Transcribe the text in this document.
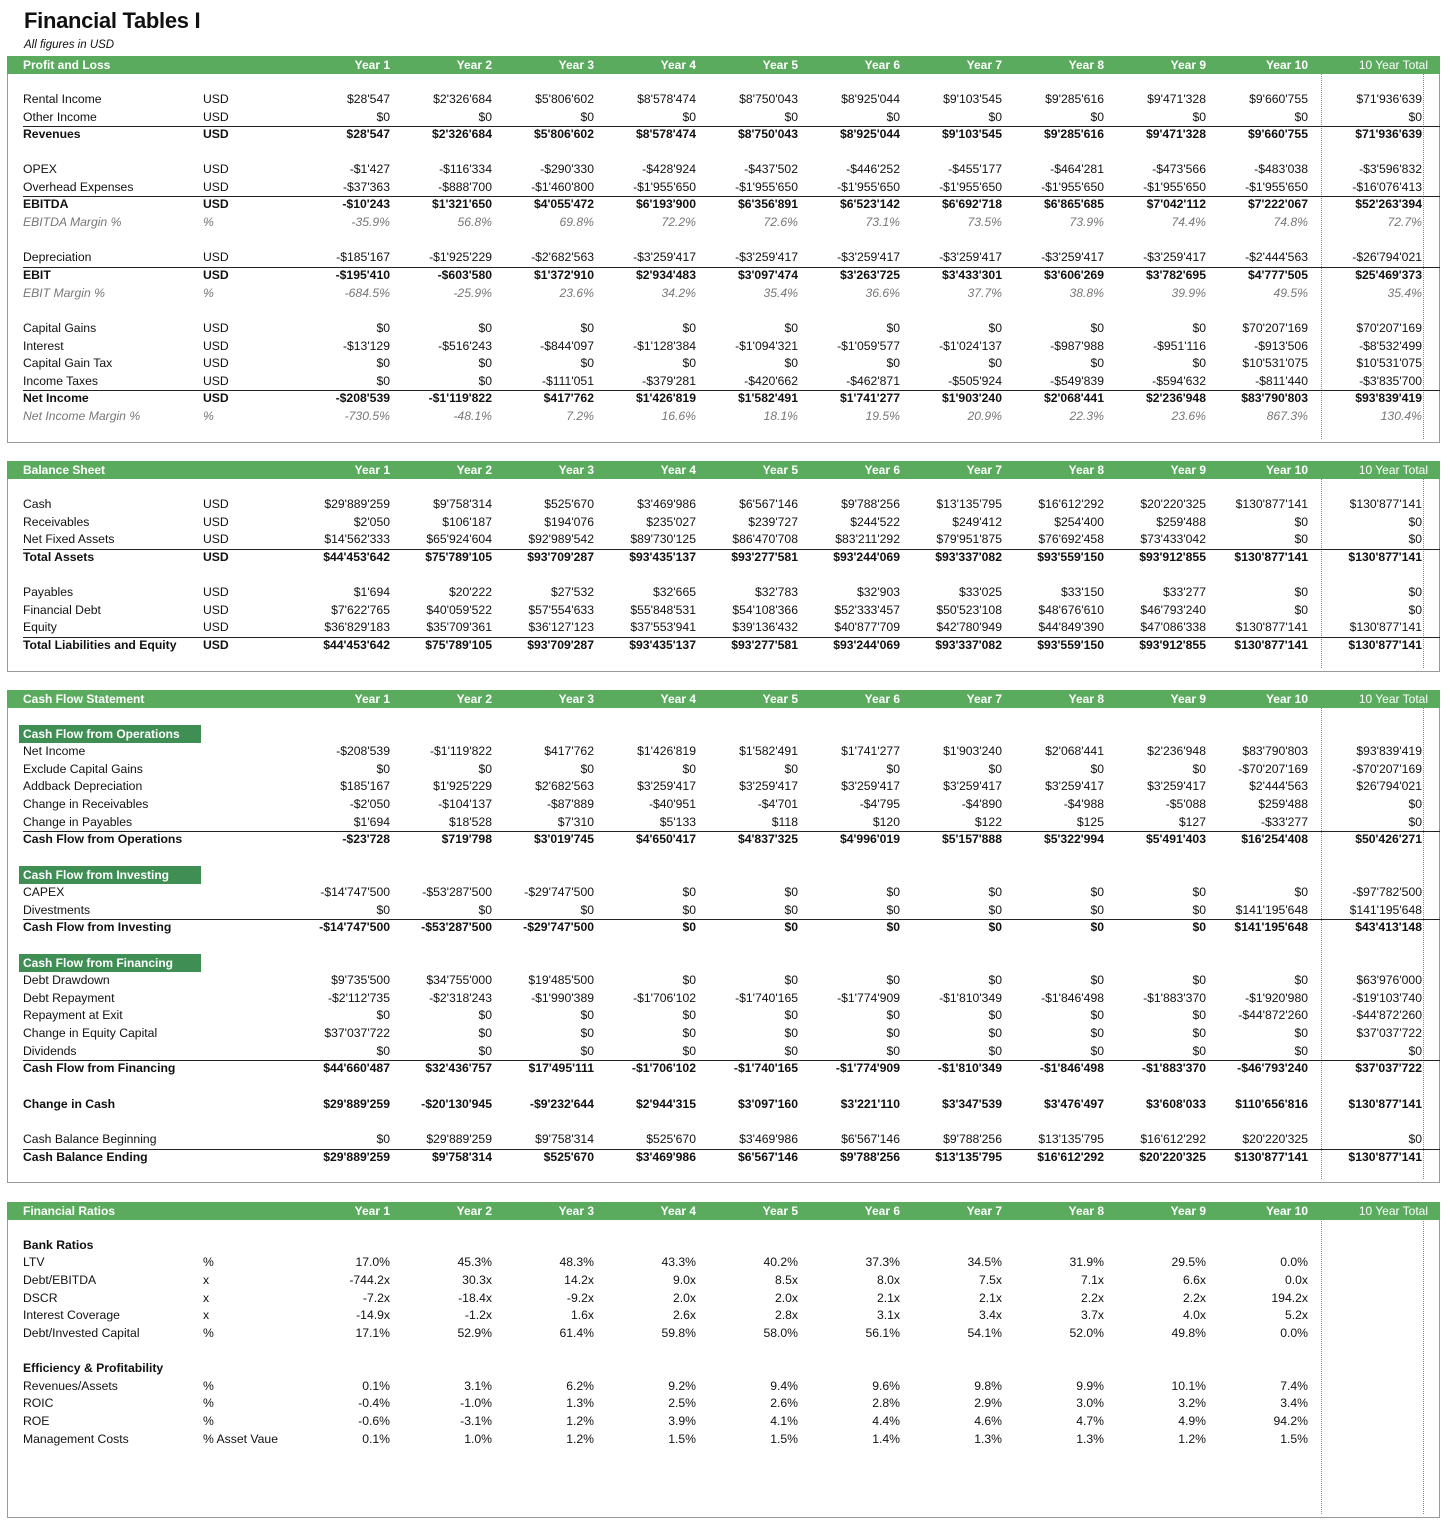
Financial Tables I
All figures in USD
Profit and Loss	Year 1	Year 2	Year 3	Year 4	Year 5	Year 6	Year 7	Year 8	Year 9	Year 10	10 Year Total
Rental Income	USD	$28'547	$2'326'684	$5'806'602	$8'578'474	$8'750'043	$8'925'044	$9'103'545	$9'285'616	$9'471'328	$9'660'755	$71'936'639
Other Income	USD	$0	$0	$0	$0	$0	$0	$0	$0	$0	$0	$0
Revenues	USD	$28'547	$2'326'684	$5'806'602	$8'578'474	$8'750'043	$8'925'044	$9'103'545	$9'285'616	$9'471'328	$9'660'755	$71'936'639
OPEX	USD	-$1'427	-$116'334	-$290'330	-$428'924	-$437'502	-$446'252	-$455'177	-$464'281	-$473'566	-$483'038	-$3'596'832
Overhead Expenses	USD	-$37'363	-$888'700	-$1'460'800	-$1'955'650	-$1'955'650	-$1'955'650	-$1'955'650	-$1'955'650	-$1'955'650	-$1'955'650	-$16'076'413
EBITDA	USD	-$10'243	$1'321'650	$4'055'472	$6'193'900	$6'356'891	$6'523'142	$6'692'718	$6'865'685	$7'042'112	$7'222'067	$52'263'394
EBITDA Margin %	%	-35.9%	56.8%	69.8%	72.2%	72.6%	73.1%	73.5%	73.9%	74.4%	74.8%	72.7%
Depreciation	USD	-$185'167	-$1'925'229	-$2'682'563	-$3'259'417	-$3'259'417	-$3'259'417	-$3'259'417	-$3'259'417	-$3'259'417	-$2'444'563	-$26'794'021
EBIT	USD	-$195'410	-$603'580	$1'372'910	$2'934'483	$3'097'474	$3'263'725	$3'433'301	$3'606'269	$3'782'695	$4'777'505	$25'469'373
EBIT Margin %	%	-684.5%	-25.9%	23.6%	34.2%	35.4%	36.6%	37.7%	38.8%	39.9%	49.5%	35.4%
Capital Gains	USD	$0	$0	$0	$0	$0	$0	$0	$0	$0	$70'207'169	$70'207'169
Interest	USD	-$13'129	-$516'243	-$844'097	-$1'128'384	-$1'094'321	-$1'059'577	-$1'024'137	-$987'988	-$951'116	-$913'506	-$8'532'499
Capital Gain Tax	USD	$0	$0	$0	$0	$0	$0	$0	$0	$0	$10'531'075	$10'531'075
Income Taxes	USD	$0	$0	-$111'051	-$379'281	-$420'662	-$462'871	-$505'924	-$549'839	-$594'632	-$811'440	-$3'835'700
Net Income	USD	-$208'539	-$1'119'822	$417'762	$1'426'819	$1'582'491	$1'741'277	$1'903'240	$2'068'441	$2'236'948	$83'790'803	$93'839'419
Net Income Margin %	%	-730.5%	-48.1%	7.2%	16.6%	18.1%	19.5%	20.9%	22.3%	23.6%	867.3%	130.4%
Balance Sheet	Year 1	Year 2	Year 3	Year 4	Year 5	Year 6	Year 7	Year 8	Year 9	Year 10	10 Year Total
Cash	USD	$29'889'259	$9'758'314	$525'670	$3'469'986	$6'567'146	$9'788'256	$13'135'795	$16'612'292	$20'220'325	$130'877'141	$130'877'141
Receivables	USD	$2'050	$106'187	$194'076	$235'027	$239'727	$244'522	$249'412	$254'400	$259'488	$0	$0
Net Fixed Assets	USD	$14'562'333	$65'924'604	$92'989'542	$89'730'125	$86'470'708	$83'211'292	$79'951'875	$76'692'458	$73'433'042	$0	$0
Total Assets	USD	$44'453'642	$75'789'105	$93'709'287	$93'435'137	$93'277'581	$93'244'069	$93'337'082	$93'559'150	$93'912'855	$130'877'141	$130'877'141
Payables	USD	$1'694	$20'222	$27'532	$32'665	$32'783	$32'903	$33'025	$33'150	$33'277	$0	$0
Financial Debt	USD	$7'622'765	$40'059'522	$57'554'633	$55'848'531	$54'108'366	$52'333'457	$50'523'108	$48'676'610	$46'793'240	$0	$0
Equity	USD	$36'829'183	$35'709'361	$36'127'123	$37'553'941	$39'136'432	$40'877'709	$42'780'949	$44'849'390	$47'086'338	$130'877'141	$130'877'141
Total Liabilities and Equity USD	$44'453'642	$75'789'105	$93'709'287	$93'435'137	$93'277'581	$93'244'069	$93'337'082	$93'559'150	$93'912'855	$130'877'141	$130'877'141
Cash Flow Statement	Year 1	Year 2	Year 3	Year 4	Year 5	Year 6	Year 7	Year 8	Year 9	Year 10	10 Year Total
Cash Flow from Operations
Cash Flow from Investing
Cash Flow from Financing
Net Income	-$208'539	-$1'119'822	$417'762	$1'426'819	$1'582'491	$1'741'277	$1'903'240	$2'068'441	$2'236'948	$83'790'803	$93'839'419
Exclude Capital Gains	$0	$0	$0	$0	$0	$0	$0	$0	$0	-$70'207'169	-$70'207'169
Addback Depreciation	$185'167	$1'925'229	$2'682'563	$3'259'417	$3'259'417	$3'259'417	$3'259'417	$3'259'417	$3'259'417	$2'444'563	$26'794'021
Change in Receivables	-$2'050	-$104'137	-$87'889	-$40'951	-$4'701	-$4'795	-$4'890	-$4'988	-$5'088	$259'488	$0
Change in Payables	$1'694	$18'528	$7'310	$5'133	$118	$120	$122	$125	$127	-$33'277	$0
Cash Flow from Operations	-$23'728	$719'798	$3'019'745	$4'650'417	$4'837'325	$4'996'019	$5'157'888	$5'322'994	$5'491'403	$16'254'408	$50'426'271
CAPEX	-$14'747'500	-$53'287'500	-$29'747'500	$0	$0	$0	$0	$0	$0	$0	-$97'782'500
Divestments	$0	$0	$0	$0	$0	$0	$0	$0	$0	$141'195'648	$141'195'648
Cash Flow from Investing	-$14'747'500	-$53'287'500	-$29'747'500	$0	$0	$0	$0	$0	$0	$141'195'648	$43'413'148
Debt Drawdown	$9'735'500	$34'755'000	$19'485'500	$0	$0	$0	$0	$0	$0	$0	$63'976'000
Debt Repayment	-$2'112'735	-$2'318'243	-$1'990'389	-$1'706'102	-$1'740'165	-$1'774'909	-$1'810'349	-$1'846'498	-$1'883'370	-$1'920'980	-$19'103'740
Repayment at Exit	$0	$0	$0	$0	$0	$0	$0	$0	$0	-$44'872'260	-$44'872'260
Change in Equity Capital	$37'037'722	$0	$0	$0	$0	$0	$0	$0	$0	$0	$37'037'722
Dividends	$0	$0	$0	$0	$0	$0	$0	$0	$0	$0	$0
Cash Flow from Financing	$44'660'487	$32'436'757	$17'495'111	-$1'706'102	-$1'740'165	-$1'774'909	-$1'810'349	-$1'846'498	-$1'883'370	-$46'793'240	$37'037'722
Change in Cash	$29'889'259	-$20'130'945	-$9'232'644	$2'944'315	$3'097'160	$3'221'110	$3'347'539	$3'476'497	$3'608'033	$110'656'816	$130'877'141
Cash Balance Beginning	$0	$29'889'259	$9'758'314	$525'670	$3'469'986	$6'567'146	$9'788'256	$13'135'795	$16'612'292	$20'220'325	$0
Cash Balance Ending	$29'889'259	$9'758'314	$525'670	$3'469'986	$6'567'146	$9'788'256	$13'135'795	$16'612'292	$20'220'325	$130'877'141	$130'877'141
Financial Ratios	Year 1	Year 2	Year 3	Year 4	Year 5	Year 6	Year 7	Year 8	Year 9	Year 10	10 Year Total
Bank Ratios
LTV	%	17.0%	45.3%	48.3%	43.3%	40.2%	37.3%	34.5%	31.9%	29.5%	0.0%
Debt/EBITDA	x	-744.2x	30.3x	14.2x	9.0x	8.5x	8.0x	7.5x	7.1x	6.6x	0.0x
DSCR	x	-7.2x	-18.4x	-9.2x	2.0x	2.0x	2.1x	2.1x	2.2x	2.2x	194.2x
Interest Coverage	x	-14.9x	-1.2x	1.6x	2.6x	2.8x	3.1x	3.4x	3.7x	4.0x	5.2x
Debt/Invested Capital	%	17.1%	52.9%	61.4%	59.8%	58.0%	56.1%	54.1%	52.0%	49.8%	0.0%
Efficiency & Profitability
Revenues/Assets	%	0.1%	3.1%	6.2%	9.2%	9.4%	9.6%	9.8%	9.9%	10.1%	7.4%
ROIC	%	-0.4%	-1.0%	1.3%	2.5%	2.6%	2.8%	2.9%	3.0%	3.2%	3.4%
ROE	%	-0.6%	-3.1%	1.2%	3.9%	4.1%	4.4%	4.6%	4.7%	4.9%	94.2%
Management Costs	% Asset Vaue	0.1%	1.0%	1.2%	1.5%	1.5%	1.4%	1.3%	1.3%	1.2%	1.5%
